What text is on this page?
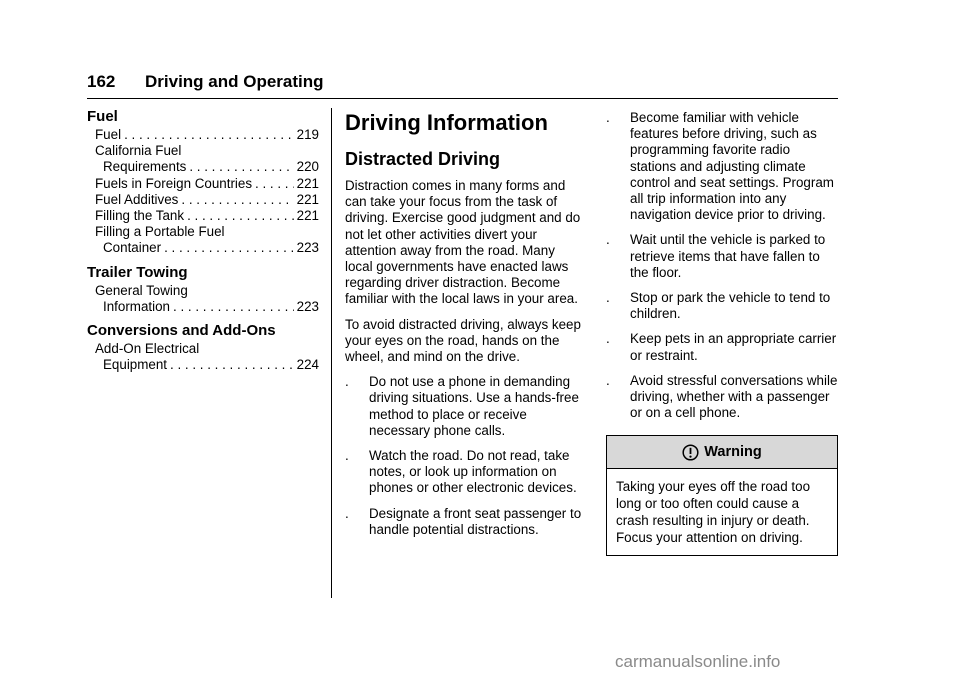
162 Driving and Operating
Fuel
Fuel . . .	219
California Fuel
Requirements . . .	220
Fuels in Foreign Countries . . .	221
Fuel Additives . . .	221
Filling the Tank . . .	221
Filling a Portable Fuel
Container . . .	223
Trailer Towing
General Towing
Information . . .	223
Conversions and Add-Ons
Add-On Electrical
Equipment . . .	224
Driving Information
Distracted Driving

Distraction comes in many forms and can take your focus from the task of driving. Exercise good judgment and do not let other activities divert your attention away from the road. Many local governments have enacted laws regarding driver distraction. Become familiar with the local laws in your area.

To avoid distracted driving, always keep your eyes on the road, hands on the wheel, and mind on the drive.

. Do not use a phone in demanding driving situations. Use a hands-free method to place or receive necessary phone calls.
. Watch the road. Do not read, take notes, or look up information on phones or other electronic devices.
. Designate a front seat passenger to handle potential distractions.
. Become familiar with vehicle features before driving, such as programming favorite radio stations and adjusting climate control and seat settings. Program all trip information into any navigation device prior to driving.
. Wait until the vehicle is parked to retrieve items that have fallen to the floor.
. Stop or park the vehicle to tend to children.
. Keep pets in an appropriate carrier or restraint.
. Avoid stressful conversations while driving, whether with a passenger or on a cell phone.
Warning
Taking your eyes off the road too long or too often could cause a crash resulting in injury or death. Focus your attention on driving.
carmanualsonline.info
